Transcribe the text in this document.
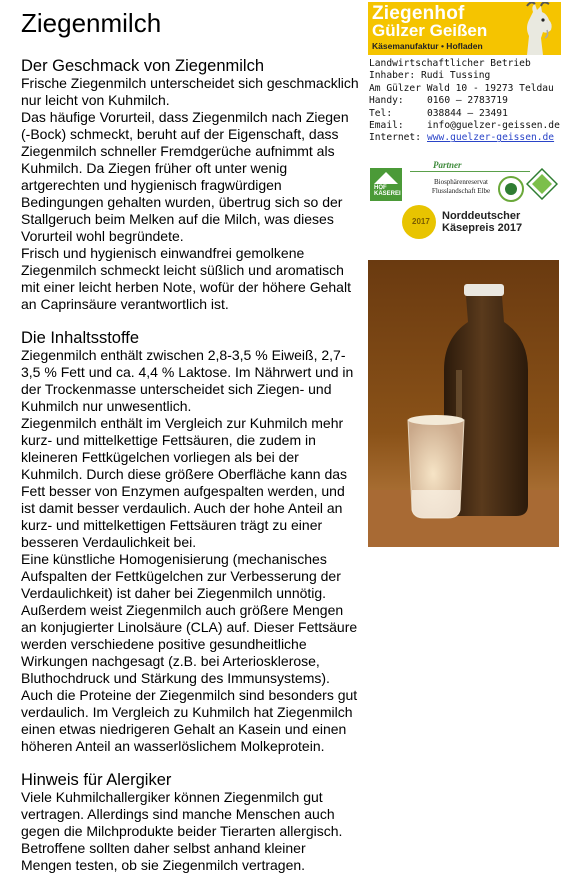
Ziegenmilch
Der Geschmack von Ziegenmilch

Frische Ziegenmilch unterscheidet sich geschmacklich nur leicht von Kuhmilch.

Das häufige Vorurteil, dass Ziegenmilch nach Ziegen (-Bock) schmeckt, beruht auf der Eigenschaft, dass Ziegenmilch schneller Fremdgerüche aufnimmt als Kuhmilch. Da Ziegen früher oft unter wenig artgerechten und hygienisch fragwürdigen Bedingungen gehalten wurden, übertrug sich so der Stallgeruch beim Melken auf die Milch, was dieses Vorurteil wohl begründete.

Frisch und hygienisch einwandfrei gemolkene Ziegenmilch schmeckt leicht süßlich und aromatisch mit einer leicht herben Note, wofür der höhere Gehalt an Caprinsäure verantwortlich ist.

Die Inhaltsstoffe

Ziegenmilch enthält zwischen 2,8-3,5 % Eiweiß, 2,7-3,5 % Fett und ca. 4,4 % Laktose. Im Nährwert und in der Trockenmasse unterscheidet sich Ziegen- und Kuhmilch nur unwesentlich.

Ziegenmilch enthält im Vergleich zur Kuhmilch mehr kurz- und mittelkettige Fettsäuren, die zudem in kleineren Fettkügelchen vorliegen als bei der Kuhmilch. Durch diese größere Oberfläche kann das Fett besser von Enzymen aufgespalten werden, und ist damit besser verdaulich. Auch der hohe Anteil an kurz- und mittelkettigen Fettsäuren trägt zu einer besseren Verdaulichkeit bei.

Eine künstliche Homogenisierung (mechanisches Aufspalten der Fettkügelchen zur Verbesserung der Verdaulichkeit) ist daher bei Ziegenmilch unnötig.

Außerdem weist Ziegenmilch auch größere Mengen an konjugierter Linolsäure (CLA) auf. Dieser Fettsäure werden verschiedene positive gesundheitliche Wirkungen nachgesagt (z.B. bei Arteriosklerose, Bluthochdruck und Stärkung des Immunsystems).

Auch die Proteine der Ziegenmilch sind besonders gut verdaulich. Im Vergleich zu Kuhmilch hat Ziegenmilch einen etwas niedrigeren Gehalt an Kasein und einen höheren Anteil an wasserlöslichem Molkeprotein.

Hinweis für Alergiker

Viele Kuhmilchallergiker können Ziegenmilch gut vertragen. Allerdings sind manche Menschen auch gegen die Milchprodukte beider Tierarten allergisch. Betroffene sollten daher selbst anhand kleiner Mengen testen, ob sie Ziegenmilch vertragen.

Ziegenhof
Gülzer Geißen
Käsemanufaktur • Hofladen
Landwirtschaftlicher Betrieb
Inhaber: Rudi Tussing
Am Gülzer Wald 10 - 19273 Teldau
Handy: 0160 – 2783719
Tel:	038844 – 23491
Email: info@guelzer-geissen.de
Internet: www.guelzer-geissen.de
Partner
HOF KÄSEREI
Biosphärenreservat
Flusslandschaft Elbe
2017 Norddeutscher
Käsepreis 2017
